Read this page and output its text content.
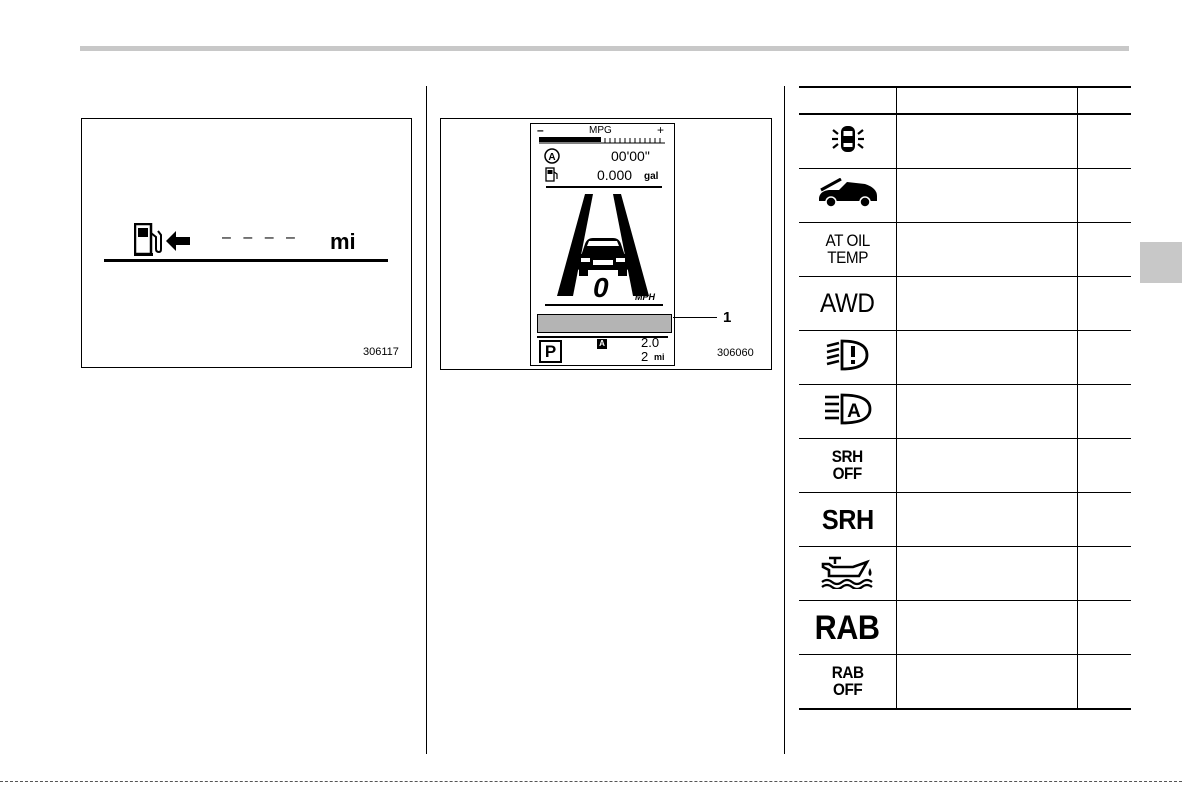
– – – – mi
306117
–	MPG	+
A	00'00"
0.000 gal
0	MPH
P	A	2.0
2 mi
1
306060

AT OIL
TEMP		

AWD		

A		

SRH
OFF		

SRH		

RAB		

RAB
OFF		
